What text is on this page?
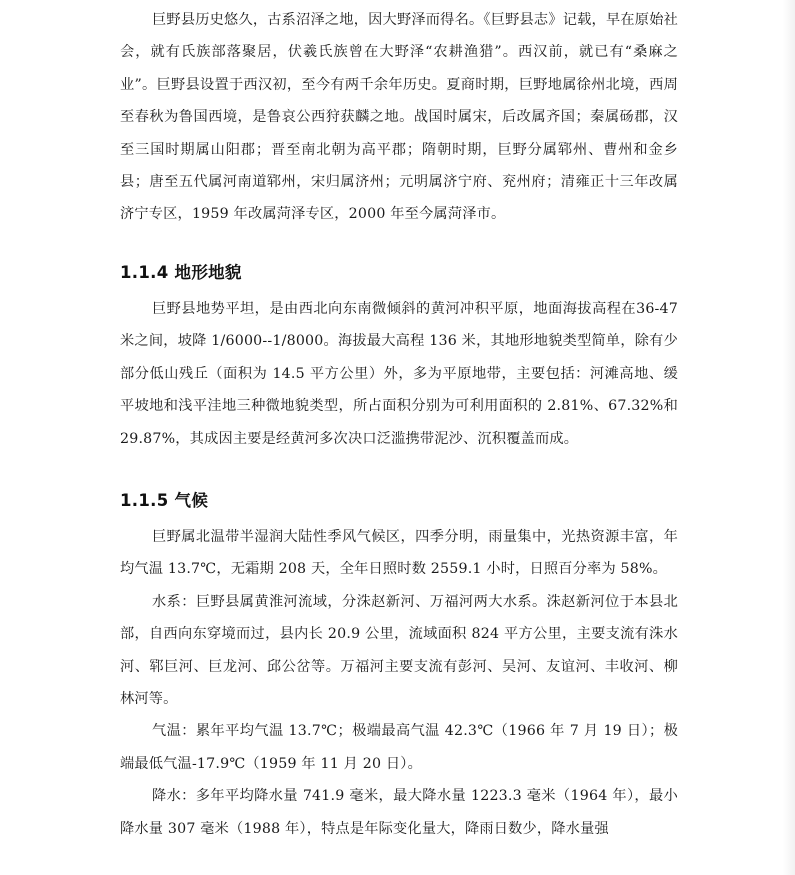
巨野县历史悠久，古系沼泽之地，因大野泽而得名。《巨野县志》记载，早在原始社会，就有氏族部落聚居，伏羲氏族曾在大野泽“农耕渔猎”。西汉前，就已有“桑麻之业”。巨野县设置于西汉初，至今有两千余年历史。夏商时期，巨野地属徐州北境，西周至春秋为鲁国西境，是鲁哀公西狩获麟之地。战国时属宋，后改属齐国；秦属砀郡，汉至三国时期属山阳郡；晋至南北朝为高平郡；隋朝时期，巨野分属郓州、曹州和金乡县；唐至五代属河南道郓州，宋归属济州；元明属济宁府、兖州府；清雍正十三年改属济宁专区，1959 年改属菏泽专区，2000 年至今属菏泽市。

1.1.4 地形地貌

巨野县地势平坦，是由西北向东南微倾斜的黄河冲积平原，地面海拔高程在36-47 米之间，坡降 1/6000--1/8000。海拔最大高程 136 米，其地形地貌类型简单，除有少部分低山残丘（面积为 14.5 平方公里）外，多为平原地带，主要包括：河滩高地、缓平坡地和浅平洼地三种微地貌类型，所占面积分别为可利用面积的 2.81%、67.32%和 29.87%，其成因主要是经黄河多次决口泛滥携带泥沙、沉积覆盖而成。

1.1.5 气候

巨野属北温带半湿润大陆性季风气候区，四季分明，雨量集中，光热资源丰富，年均气温 13.7℃，无霜期 208 天，全年日照时数 2559.1 小时，日照百分率为 58%。

水系：巨野县属黄淮河流域，分洙赵新河、万福河两大水系。洙赵新河位于本县北部，自西向东穿境而过，县内长 20.9 公里，流域面积 824 平方公里，主要支流有洙水河、郓巨河、巨龙河、邱公岔等。万福河主要支流有彭河、吴河、友谊河、丰收河、柳林河等。

气温：累年平均气温 13.7℃；极端最高气温 42.3℃（1966 年 7 月 19 日）；极端最低气温-17.9℃（1959 年 11 月 20 日）。

降水：多年平均降水量 741.9 毫米，最大降水量 1223.3 毫米（1964 年），最小降水量 307 毫米（1988 年），特点是年际变化量大，降雨日数少，降水量强
